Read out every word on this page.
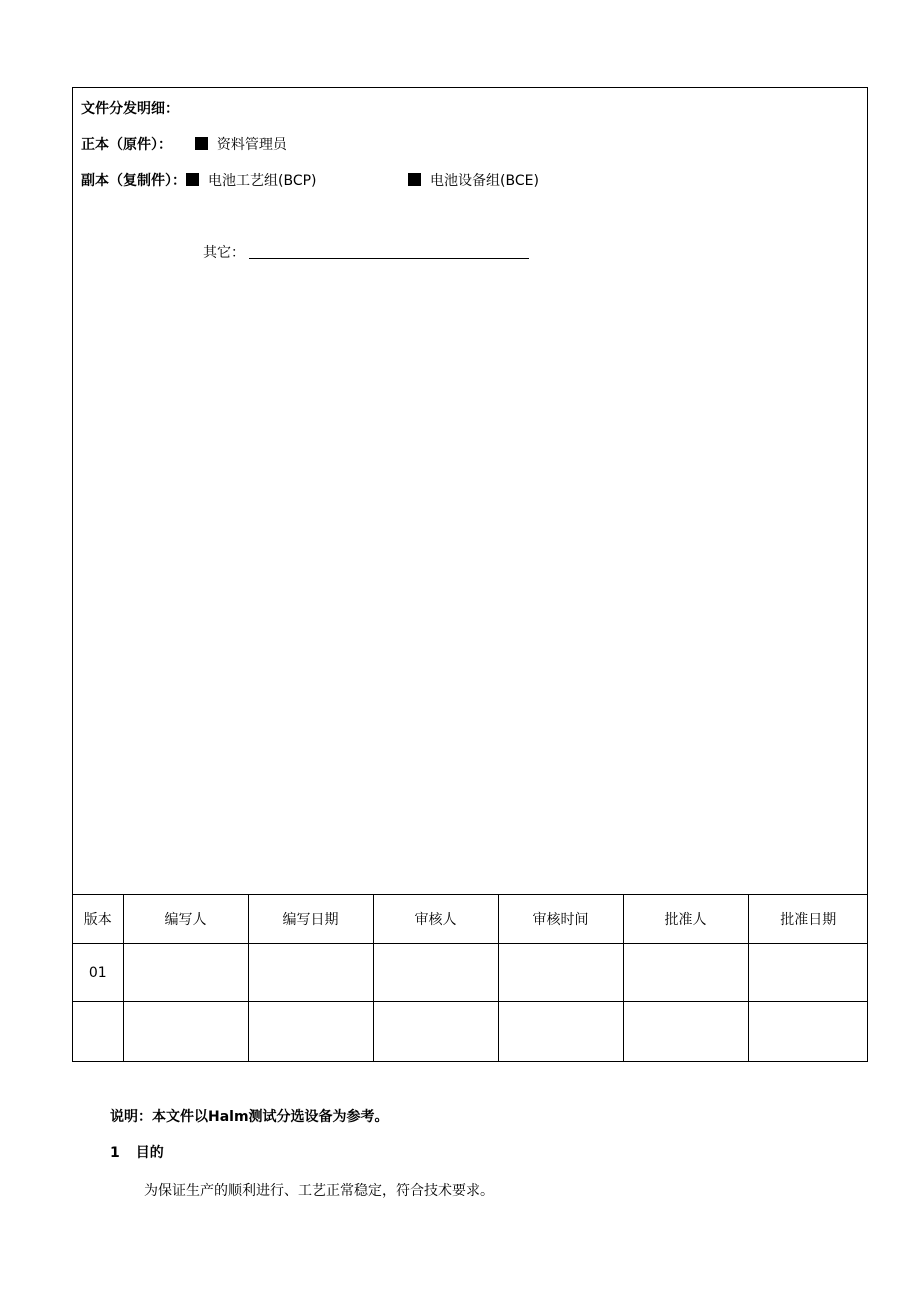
文件分发明细：
正本（原件）：	资料管理员
副本（复制件）： 电池工艺组(BCP)	电池设备组(BCE)
其它：
版本	编写人	编写日期	审核人	审核时间	批准人	批准日期
01						

说明：本文件以Halm测试分选设备为参考。
1 目的
为保证生产的顺利进行、工艺正常稳定，符合技术要求。
